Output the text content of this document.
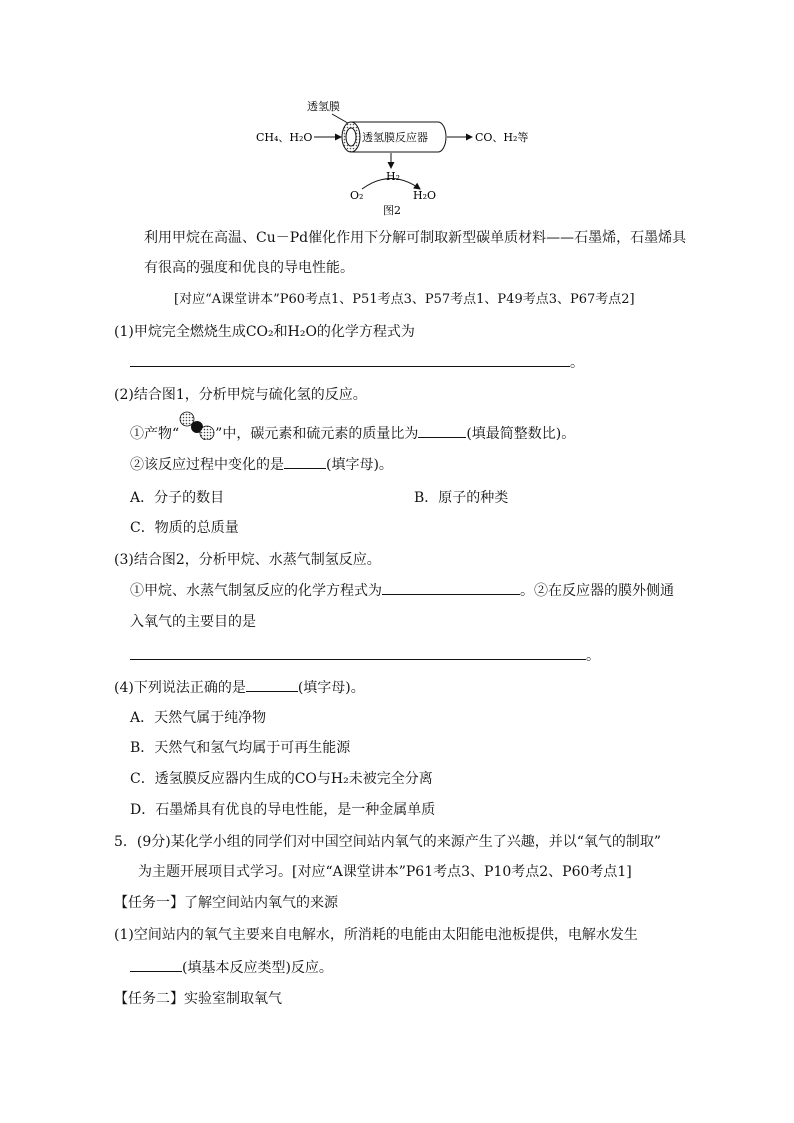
透氢膜
CH₄、H₂O	透氢膜反应器	CO、H₂等
H₂
O₂	H₂O
图2
利用甲烷在高温、Cu－Pd催化作用下分解可制取新型碳单质材料——石墨烯，石墨烯具
有很高的强度和优良的导电性能。
[对应“A课堂讲本”P60考点1、P51考点3、P57考点1、P49考点3、P67考点2]
(1)甲烷完全燃烧生成CO₂和H₂O的化学方程式为
。
(2)结合图1，分析甲烷与硫化氢的反应。
①产物“	”中，碳元素和硫元素的质量比为	(填最简整数比)。
②该反应过程中变化的是	(填字母)。
A．分子的数目	B．原子的种类
C．物质的总质量
(3)结合图2，分析甲烷、水蒸气制氢反应。
①甲烷、水蒸气制氢反应的化学方程式为	。②在反应器的膜外侧通
入氧气的主要目的是
。
(4)下列说法正确的是	(填字母)。
A．天然气属于纯净物
B．天然气和氢气均属于可再生能源
C．透氢膜反应器内生成的CO与H₂未被完全分离
D．石墨烯具有优良的导电性能，是一种金属单质
5．(9分)某化学小组的同学们对中国空间站内氧气的来源产生了兴趣，并以“氧气的制取”
为主题开展项目式学习。[对应“A课堂讲本”P61考点3、P10考点2、P60考点1]
【任务一】了解空间站内氧气的来源
(1)空间站内的氧气主要来自电解水，所消耗的电能由太阳能电池板提供，电解水发生
(填基本反应类型)反应。
【任务二】实验室制取氧气
